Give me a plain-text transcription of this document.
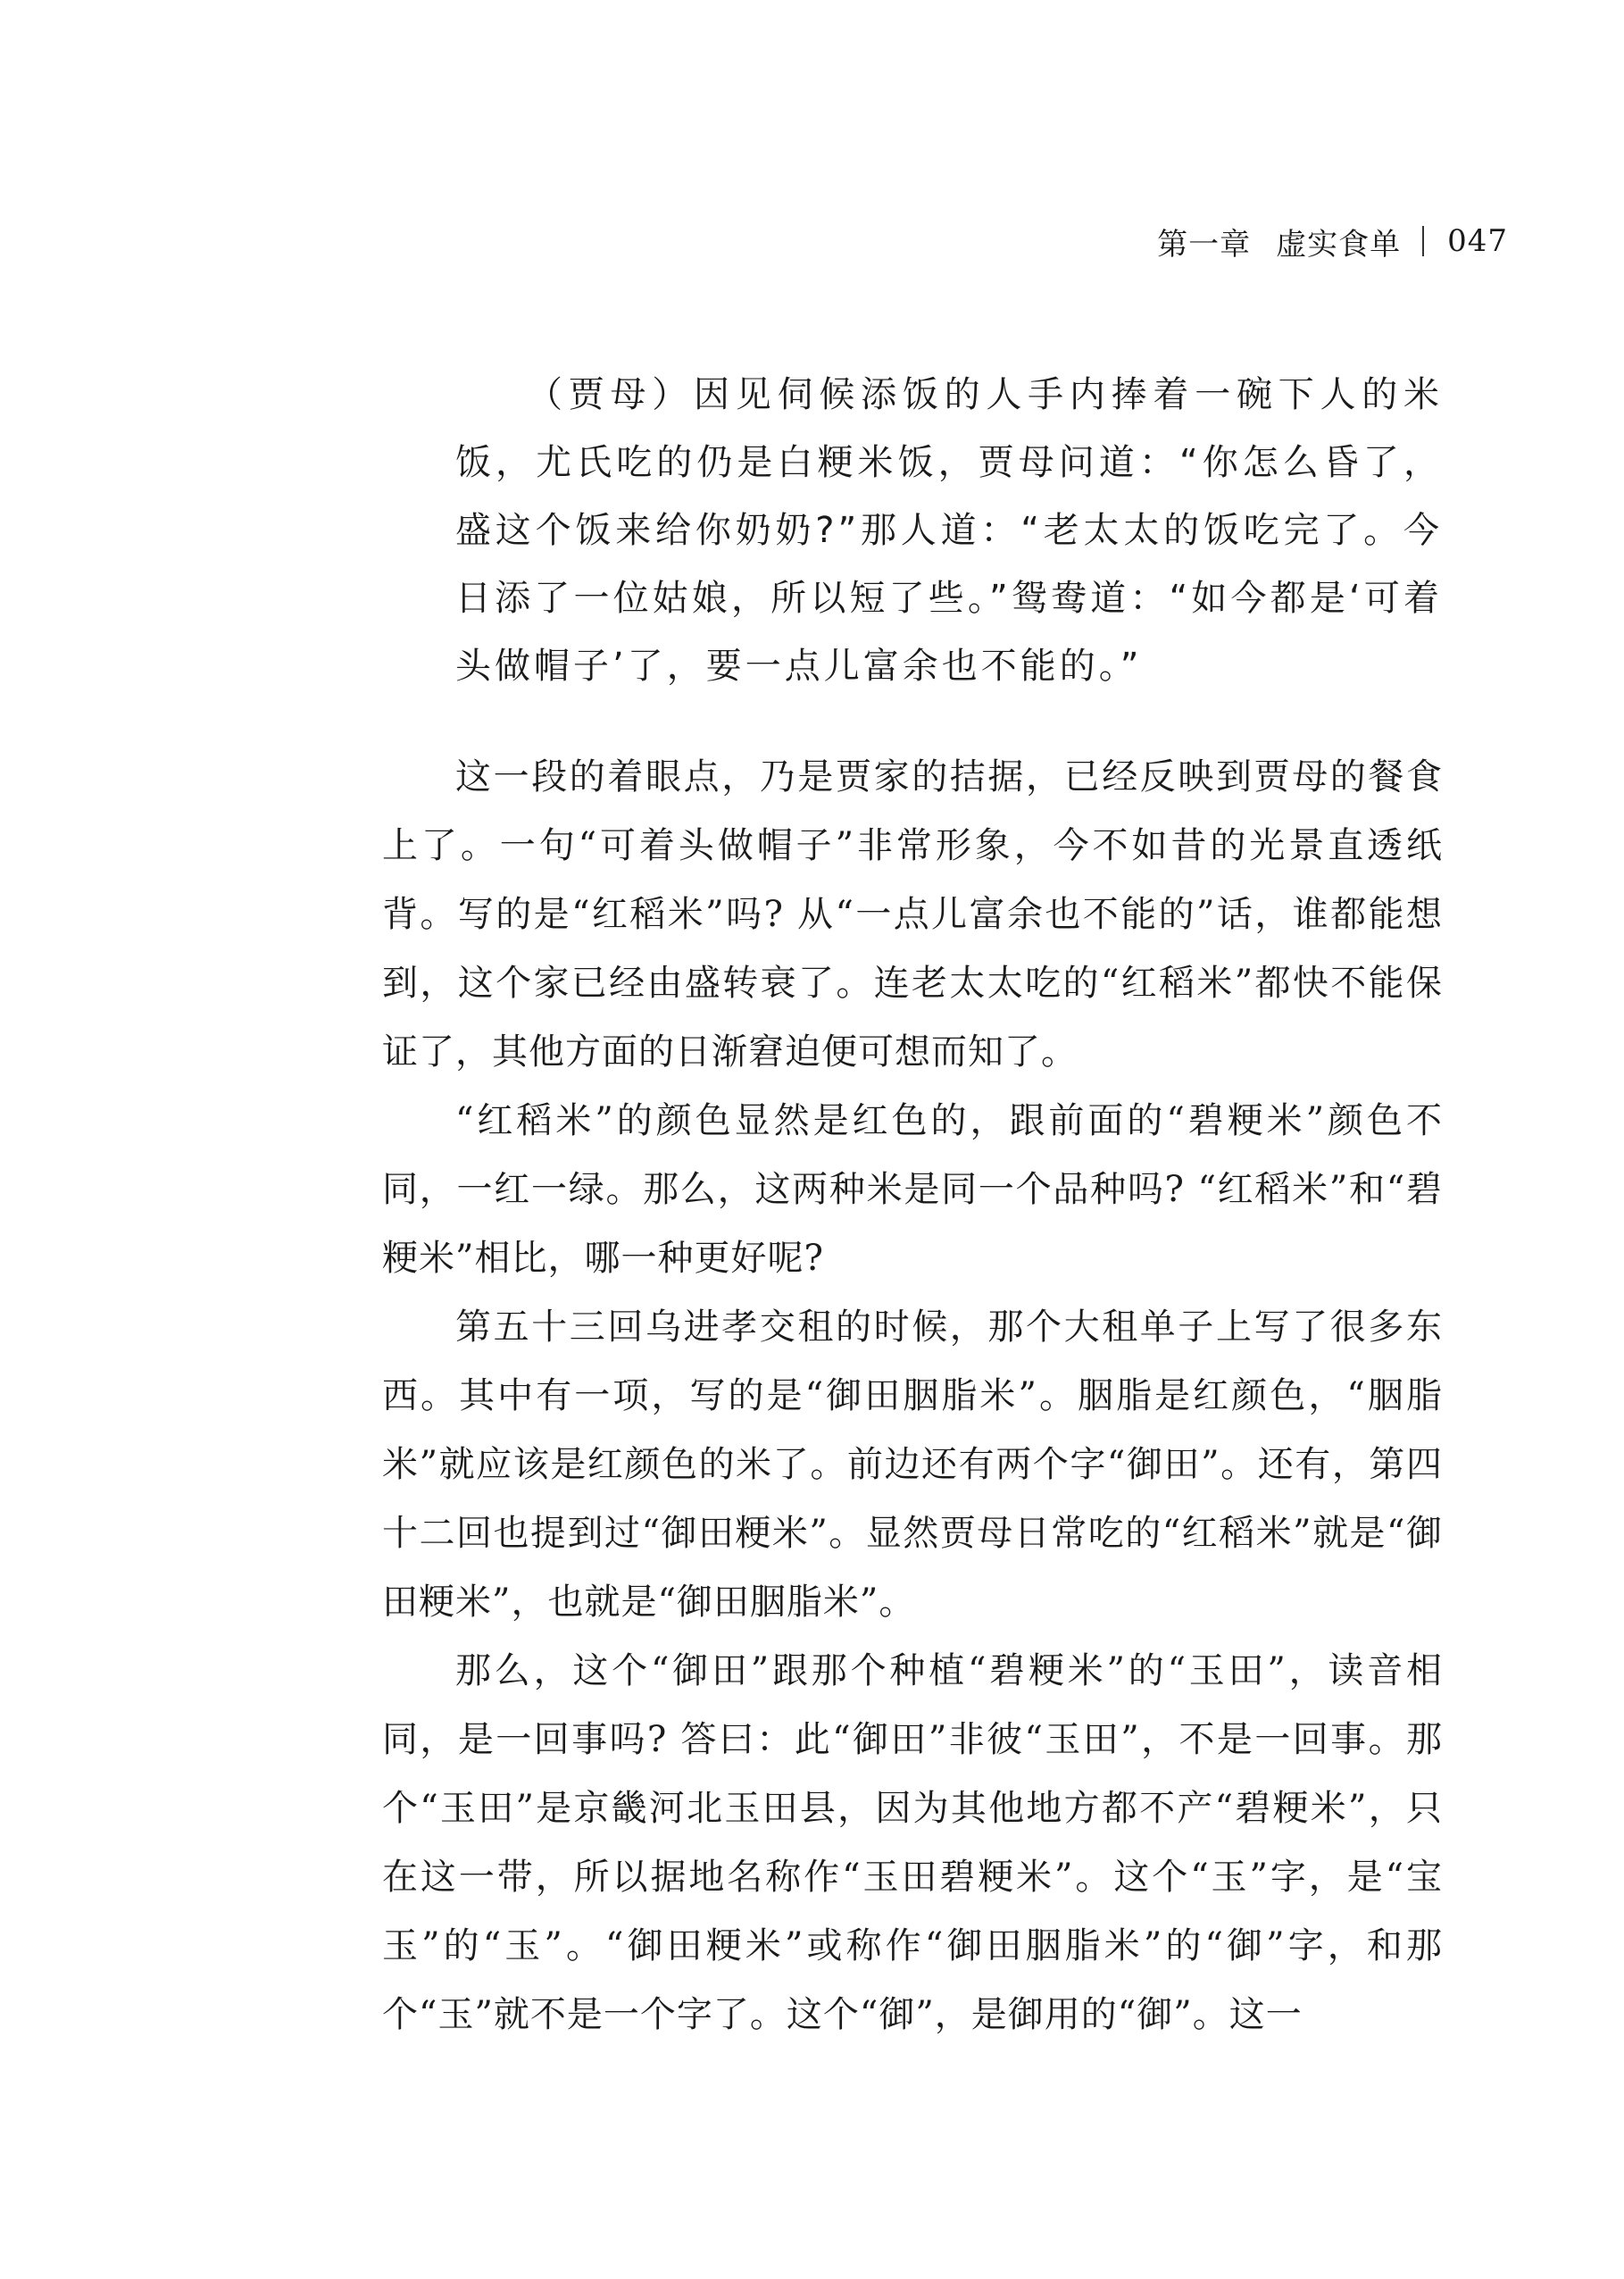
第一章 虚实食单 047

（贾母）因见伺候添饭的人手内捧着一碗下人的米饭，尤氏吃的仍是白粳米饭，贾母问道：“你怎么昏了，盛这个饭来给你奶奶?”那人道：“老太太的饭吃完了。今日添了一位姑娘，所以短了些。”鸳鸯道：“如今都是‘可着头做帽子’了，要一点儿富余也不能的。”

这一段的着眼点，乃是贾家的拮据，已经反映到贾母的餐食上了。一句“可着头做帽子”非常形象，今不如昔的光景直透纸背。写的是“红稻米”吗? 从“一点儿富余也不能的”话，谁都能想到，这个家已经由盛转衰了。连老太太吃的“红稻米”都快不能保证了，其他方面的日渐窘迫便可想而知了。

“红稻米”的颜色显然是红色的，跟前面的“碧粳米”颜色不同，一红一绿。那么，这两种米是同一个品种吗? “红稻米”和“碧粳米”相比，哪一种更好呢?

第五十三回乌进孝交租的时候，那个大租单子上写了很多东西。其中有一项，写的是“御田胭脂米”。胭脂是红颜色，“胭脂米”就应该是红颜色的米了。前边还有两个字“御田”。还有，第四十二回也提到过“御田粳米”。显然贾母日常吃的“红稻米”就是“御田粳米”，也就是“御田胭脂米”。

那么，这个“御田”跟那个种植“碧粳米”的“玉田”，读音相同，是一回事吗? 答曰：此“御田”非彼“玉田”，不是一回事。那个“玉田”是京畿河北玉田县，因为其他地方都不产“碧粳米”，只在这一带，所以据地名称作“玉田碧粳米”。这个“玉”字，是“宝玉”的“玉”。“御田粳米”或称作“御田胭脂米”的“御”字，和那个“玉”就不是一个字了。这个“御”，是御用的“御”。这一
